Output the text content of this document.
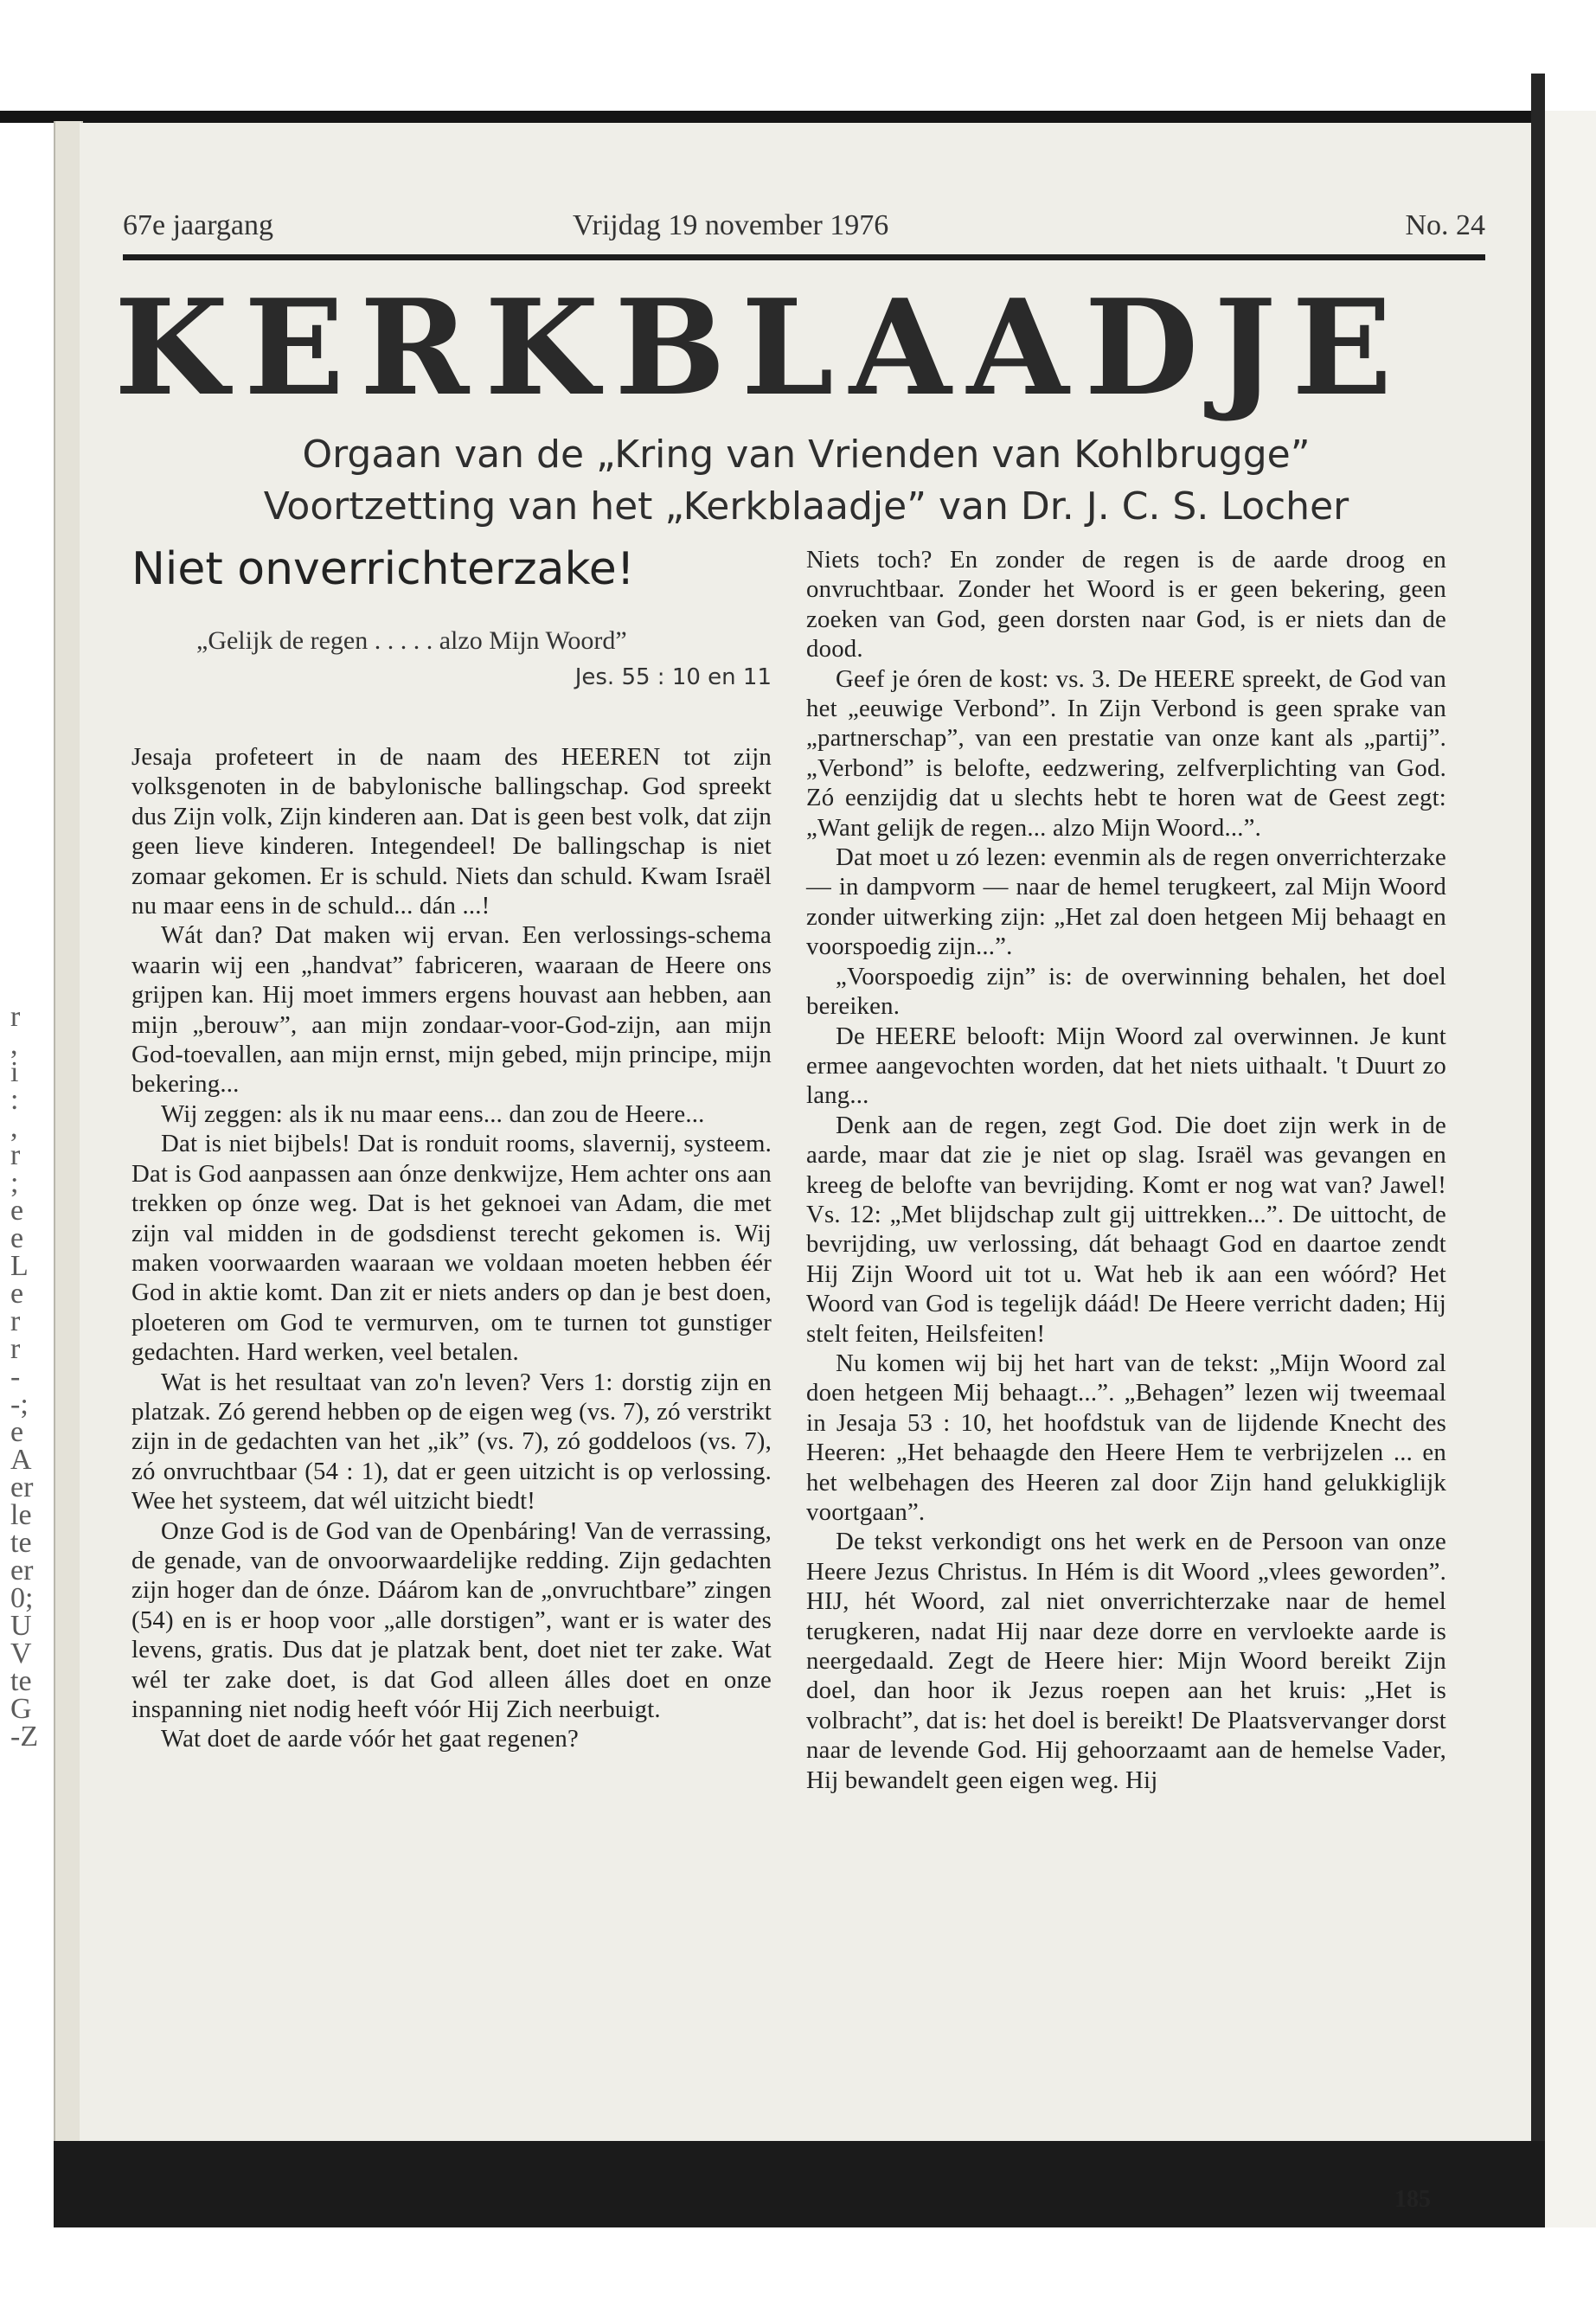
r
,
i
:
,
r
;
e
e
L
e
r
r
-
-;
e
A
er
le
te
er
0;
U
V
te
G
-Z
67e jaargang	Vrijdag 19 november 1976	No. 24
KERKBLAADJE
Orgaan van de „Kring van Vrienden van Kohlbrugge”
Voortzetting van het „Kerkblaadje” van Dr. J. C. S. Locher
Niet onverrichterzake!
„Gelijk de regen . . . . . alzo Mijn Woord”
Jes. 55 : 10 en 11

Jesaja profeteert in de naam des HEEREN tot zijn volksgenoten in de babylonische ballingschap. God spreekt dus Zijn volk, Zijn kinderen aan. Dat is geen best volk, dat zijn geen lieve kinderen. Integendeel! De ballingschap is niet zomaar gekomen. Er is schuld. Niets dan schuld. Kwam Israël nu maar eens in de schuld... dán ...!

Wát dan? Dat maken wij ervan. Een verlossings-schema waarin wij een „handvat” fabriceren, waaraan de Heere ons grijpen kan. Hij moet immers ergens houvast aan hebben, aan mijn „berouw”, aan mijn zondaar-voor-God-zijn, aan mijn God-toevallen, aan mijn ernst, mijn gebed, mijn principe, mijn bekering...

Wij zeggen: als ik nu maar eens... dan zou de Heere...

Dat is niet bijbels! Dat is ronduit rooms, slavernij, systeem. Dat is God aanpassen aan ónze denkwijze, Hem achter ons aan trekken op ónze weg. Dat is het geknoei van Adam, die met zijn val midden in de godsdienst terecht gekomen is. Wij maken voorwaarden waaraan we voldaan moeten hebben éér God in aktie komt. Dan zit er niets anders op dan je best doen, ploeteren om God te vermurven, om te turnen tot gunstiger gedachten. Hard werken, veel betalen.

Wat is het resultaat van zo'n leven? Vers 1: dorstig zijn en platzak. Zó gerend hebben op de eigen weg (vs. 7), zó verstrikt zijn in de gedachten van het „ik” (vs. 7), zó goddeloos (vs. 7), zó onvruchtbaar (54 : 1), dat er geen uitzicht is op verlossing. Wee het systeem, dat wél uitzicht biedt!

Onze God is de God van de Openbáring! Van de verrassing, de genade, van de onvoorwaardelijke redding. Zijn gedachten zijn hoger dan de ónze. Dáárom kan de „onvruchtbare” zingen (54) en is er hoop voor „alle dorstigen”, want er is water des levens, gratis. Dus dat je platzak bent, doet niet ter zake. Wat wél ter zake doet, is dat God alleen álles doet en onze inspanning niet nodig heeft vóór Hij Zich neerbuigt.

Wat doet de aarde vóór het gaat regenen?

Niets toch? En zonder de regen is de aarde droog en onvruchtbaar. Zonder het Woord is er geen bekering, geen zoeken van God, geen dorsten naar God, is er niets dan de dood.

Geef je óren de kost: vs. 3. De HEERE spreekt, de God van het „eeuwige Verbond”. In Zijn Verbond is geen sprake van „partnerschap”, van een prestatie van onze kant als „partij”. „Verbond” is belofte, eedzwering, zelfverplichting van God. Zó eenzijdig dat u slechts hebt te horen wat de Geest zegt: „Want gelijk de regen... alzo Mijn Woord...”.

Dat moet u zó lezen: evenmin als de regen onverrichterzake — in dampvorm — naar de hemel terugkeert, zal Mijn Woord zonder uitwerking zijn: „Het zal doen hetgeen Mij behaagt en voorspoedig zijn...”.

„Voorspoedig zijn” is: de overwinning behalen, het doel bereiken.

De HEERE belooft: Mijn Woord zal overwinnen. Je kunt ermee aangevochten worden, dat het niets uithaalt. 't Duurt zo lang...

Denk aan de regen, zegt God. Die doet zijn werk in de aarde, maar dat zie je niet op slag. Israël was gevangen en kreeg de belofte van bevrijding. Komt er nog wat van? Jawel! Vs. 12: „Met blijdschap zult gij uittrekken...”. De uittocht, de bevrijding, uw verlossing, dát behaagt God en daartoe zendt Hij Zijn Woord uit tot u. Wat heb ik aan een wóórd? Het Woord van God is tegelijk dáád! De Heere verricht daden; Hij stelt feiten, Heilsfeiten!

Nu komen wij bij het hart van de tekst: „Mijn Woord zal doen hetgeen Mij behaagt...”. „Behagen” lezen wij tweemaal in Jesaja 53 : 10, het hoofdstuk van de lijdende Knecht des Heeren: „Het behaagde den Heere Hem te verbrijzelen ... en het welbehagen des Heeren zal door Zijn hand gelukkiglijk voortgaan”.

De tekst verkondigt ons het werk en de Persoon van onze Heere Jezus Christus. In Hém is dit Woord „vlees geworden”. HIJ, hét Woord, zal niet onverrichterzake naar de hemel terugkeren, nadat Hij naar deze dorre en vervloekte aarde is neergedaald. Zegt de Heere hier: Mijn Woord bereikt Zijn doel, dan hoor ik Jezus roepen aan het kruis: „Het is volbracht”, dat is: het doel is bereikt! De Plaatsvervanger dorst naar de levende God. Hij gehoorzaamt aan de hemelse Vader, Hij bewandelt geen eigen weg. Hij

185
